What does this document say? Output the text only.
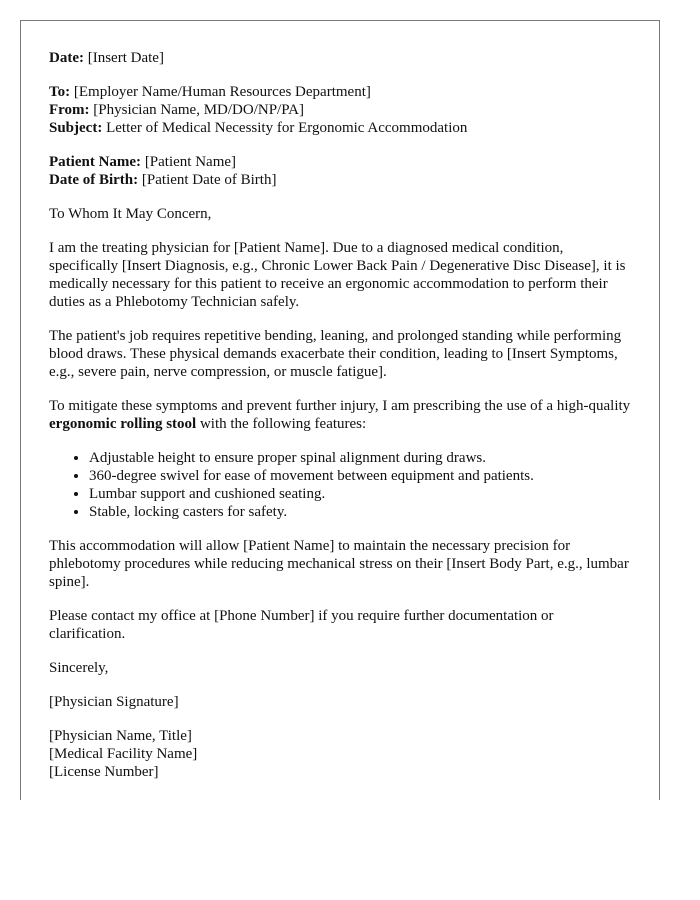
Date: [Insert Date]

To: [Employer Name/Human Resources Department]
From: [Physician Name, MD/DO/NP/PA]
Subject: Letter of Medical Necessity for Ergonomic Accommodation

Patient Name: [Patient Name]
Date of Birth: [Patient Date of Birth]

To Whom It May Concern,

I am the treating physician for [Patient Name]. Due to a diagnosed medical condition, specifically [Insert Diagnosis, e.g., Chronic Lower Back Pain / Degenerative Disc Disease], it is medically necessary for this patient to receive an ergonomic accommodation to perform their duties as a Phlebotomy Technician safely.

The patient's job requires repetitive bending, leaning, and prolonged standing while performing blood draws. These physical demands exacerbate their condition, leading to [Insert Symptoms, e.g., severe pain, nerve compression, or muscle fatigue].

To mitigate these symptoms and prevent further injury, I am prescribing the use of a high-quality ergonomic rolling stool with the following features:

• Adjustable height to ensure proper spinal alignment during draws.
• 360-degree swivel for ease of movement between equipment and patients.
• Lumbar support and cushioned seating.
• Stable, locking casters for safety.

This accommodation will allow [Patient Name] to maintain the necessary precision for phlebotomy procedures while reducing mechanical stress on their [Insert Body Part, e.g., lumbar spine].

Please contact my office at [Phone Number] if you require further documentation or clarification.

Sincerely,

[Physician Signature]

[Physician Name, Title]
[Medical Facility Name]
[License Number]
